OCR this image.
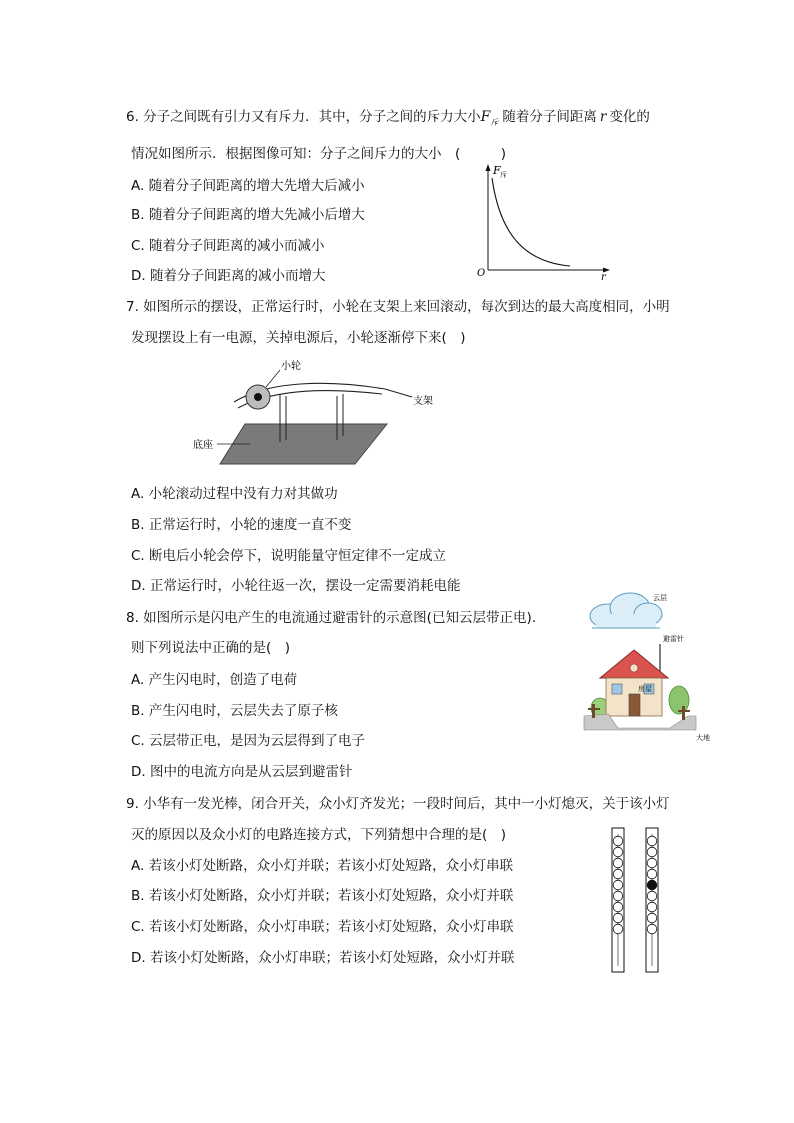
6. 分子之间既有引力又有斥力．其中，分子之间的斥力大小$F_斥$ 随着分子间距离 r 变化的
情况如图所示．根据图像可知：分子之间斥力的大小　(　　　)
A. 随着分子间距离的增大先增大后减小
B. 随着分子间距离的增大先减小后增大
C. 随着分子间距离的减小而减小
D. 随着分子间距离的减小而增大
F 斥
r
O
7. 如图所示的摆设，正常运行时，小轮在支架上来回滚动，每次到达的最大高度相同，小明
发现摆设上有一电源，关掉电源后，小轮逐渐停下来(　)
小轮
支架
底座
A. 小轮滚动过程中没有力对其做功
B. 正常运行时，小轮的速度一直不变
C. 断电后小轮会停下，说明能量守恒定律不一定成立
D. 正常运行时，小轮往返一次，摆设一定需要消耗电能
8. 如图所示是闪电产生的电流通过避雷针的示意图(已知云层带正电).
则下列说法中正确的是(　)
A. 产生闪电时，创造了电荷
B. 产生闪电时，云层失去了原子核
C. 云层带正电，是因为云层得到了电子
D. 图中的电流方向是从云层到避雷针
云层
避雷针
房屋
大地
9. 小华有一发光棒，闭合开关，众小灯齐发光；一段时间后，其中一小灯熄灭，关于该小灯
灭的原因以及众小灯的电路连接方式，下列猜想中合理的是(　)
A. 若该小灯处断路，众小灯并联；若该小灯处短路，众小灯串联
B. 若该小灯处断路，众小灯并联；若该小灯处短路，众小灯并联
C. 若该小灯处断路，众小灯串联；若该小灯处短路，众小灯串联
D. 若该小灯处断路，众小灯串联；若该小灯处短路，众小灯并联
